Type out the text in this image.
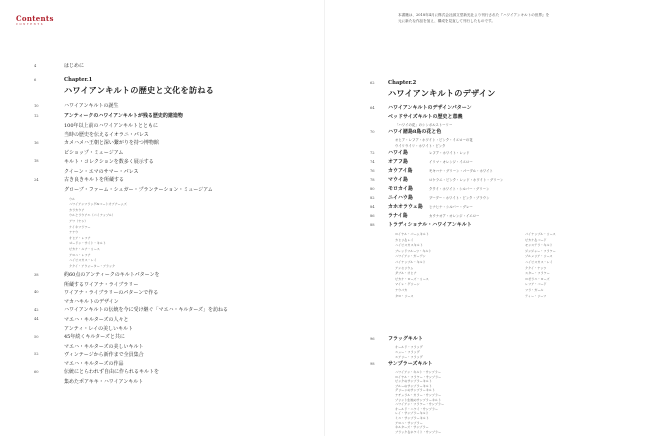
Contents
CONTENTS
4	はじめに
6	Chapter.1
ハワイアンキルトの歴史と文化を訪ねる
10	ハワイアンキルトの誕生
12	アンティークのハワイアンキルトが残る歴史的建造物
100年以上前のハワイアンキルトとともに
当時の歴史を伝えるイオラニ・パレス
16	カメハメハ王朝と深い繋がりを持つ博物館
ビショップ・ミュージアム
18	キルト・コレクションを数多く展示する
クイーン・エマのサマー・パレス
24	古き良きキルトを所蔵する
グローブ・ファーム・シュガー・プランテーション・ミュージアム
ウル
ハワイアンフラッグ&コートオブアームズ
カラカウア
ウルとラウアエ（パイナップル）
アワ（ヤシ）
ケイキフラワー
ナナウ
オヒア・レフア
ゴードン・サイト・キルト
ピカケ・ルア・リース
アロハ・レフア
ハイビスカス・レイ
ククイ・アウォーター・ブラック
38	約60点のアンティークのキルトパターンを
所蔵するワイアナ・ライブラリー
40	ワイアナ・ライブラリーのパターンで作る
マカハキルトのデザイン
42	ハワイアンキルトの伝統を今に受け継ぐ「マエハ・キルターズ」を訪ねる
44	マエハ・キルターズの人々と
アンティ・レイの美しいキルト
50	45年続くキルターズと共に
マエハ・キルターズの美しいキルト
52	ヴィンテージから新作まで全員集合
マエハ・キルターズの作品
60	伝統にとらわれず自由に作られるキルトを
集めたポアキキ・ハワイアンキルト
本書籍は、2018年4月に株式会社誠文堂新光社より刊行された『ハワイアンキルトの世界』を
元に新たな作品を加え、構成を見直して刊行したものです。
62	Chapter.2
ハワイアンキルトのデザイン
64	ハワイアンキルトのデザインパターン
ベッドサイズキルトの歴史と意義
「ハワイの花」のシンボルストーリー
70	ハワイ諸島8島の花と色
オヒア・レフア・ホワイト・ピンク・イエローの花
ウイリウイリ・ホワイト・ピンク
72	ハワイ島	レフア・ホワイト・レッド
74	オアフ島	イリマ・オレンジ・イエロー
76	カウアイ島	モキハナ・グリーン・パープル・ホワイト
78	マウイ島	ロケラニ・ピンク・レッド・ホワイト・グリーン
80	モロカイ島	ククイ・ホワイト・シルバー・グリーン
82	ニイハウ島	プープー・ホワイト・ピンク・ブラウン
84	カホオラウェ島 ヒナヒナ・シルバー・グレー
86	ラナイ島	カウナオア・オレンジ・イエロー
88	トラディショナル・ハワイアンキルト
ロイヤル・パームキルト
カヒリ＆レイ
ハイビスカスキルト
ブレッドフルーツ・キルト
ハワイアン・ガーデン
パイナップル・キルト
アンセリウム
ダブル・オヒア
ピカケ・ローズ・リース
マイレ・グリーン
ナウパカ
タロ・リース
パイナップル・リース
ピカケ＆バード
モンステラ・キルト
ジンジャー・フラワー
プルメリア・リース
ハイビスカス・レイ
ククイ・ナッツ
スター・フラワー
ロゼラニ・ローズ
レフア・バード
フラ・ガール
ティー・リーフ
96	フラッグキルト
オールド・フラッグ
ニュー・フラッグ
エアリー・フラッグ
98	サンプラーズキルト
ハワイアン・キルト・サンプラー
ロイヤル・フラワー・サンプラー
ピンクのサンプラーキルト
ブルーのサンプラーキルト
グリーンのサンプラーキルト
ナチュラル・カラー・サンプラー
プリント生地のサンプラーキルト
ハワイアン・フラワー・サンプラー
オールド・ハワイ・サンプラー
レイ・サンプラーキルト
ミニ・サンプラーキルト
アロハ・サンプラー
キルターズ・サンプラー
ブラック＆ホワイト・サンプラー
